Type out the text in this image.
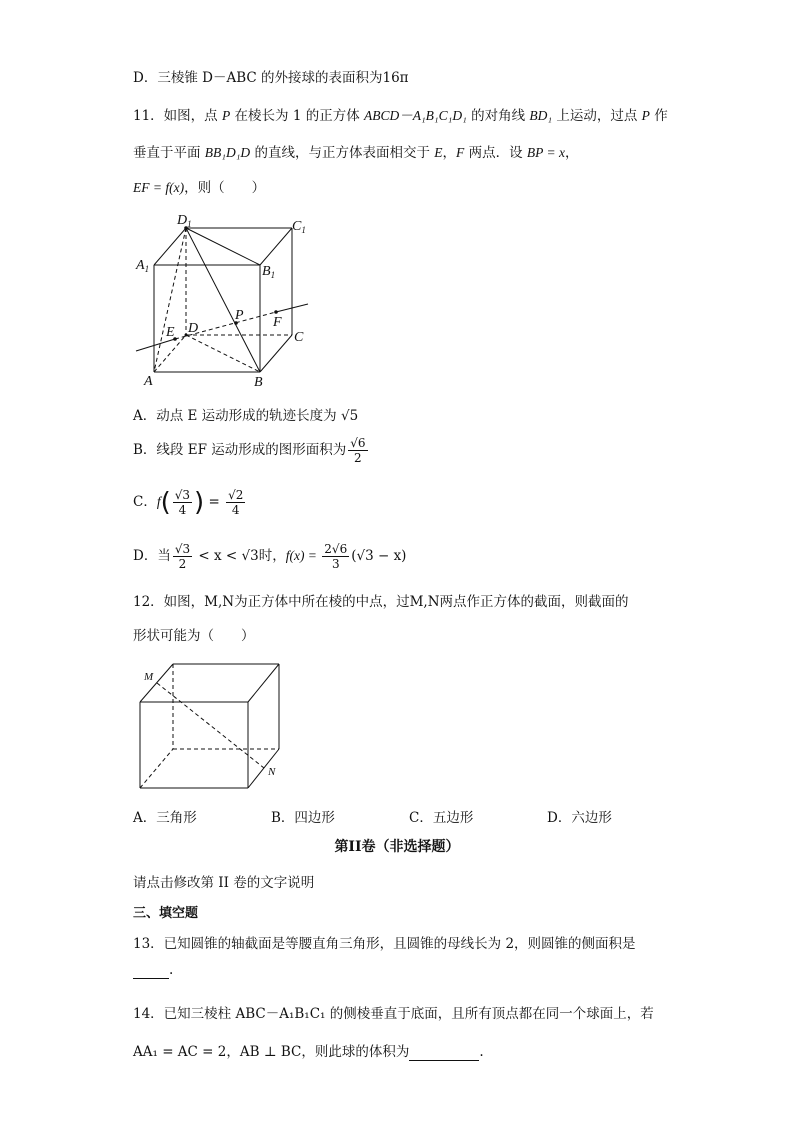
D．三棱锥 D－ABC 的外接球的表面积为16π
11．如图，点 P 在棱长为 1 的正方体 ABCD－A₁B₁C₁D₁ 的对角线 BD₁ 上运动，过点 P 作
垂直于平面 BB₁D₁D 的直线，与正方体表面相交于 E，F 两点．设 BP = x，
EF = f(x)，则（　　）
$D_1$	$C_1$
$A_1$	$B_1$
P F
E D
C
A	B
A．动点 E 运动形成的轨迹长度为 √5
B．线段 EF 运动形成的图形面积为 $\frac{√6}{2}$
C．$f( \frac{√3}{4}$ ) = $\frac{√2}{4}$
D．当 $\frac{√3}{2} < x < √3$时，$f(x) = \frac{2√6}{3} (√3 - x)$
12．如图，M,N为正方体中所在棱的中点，过M,N两点作正方体的截面，则截面的
形状可能为（　　）
M
N
A．三角形	B．四边形	C．五边形	D．六边形
第II卷（非选择题）
请点击修改第 II 卷的文字说明
三、填空题
13．已知圆锥的轴截面是等腰直角三角形，且圆锥的母线长为 2，则圆锥的侧面积是
.
14．已知三棱柱 ABC－A₁B₁C₁ 的侧棱垂直于底面，且所有顶点都在同一个球面上，若
AA₁ = AC = 2，AB ⊥ BC，则此球的体积为	.
